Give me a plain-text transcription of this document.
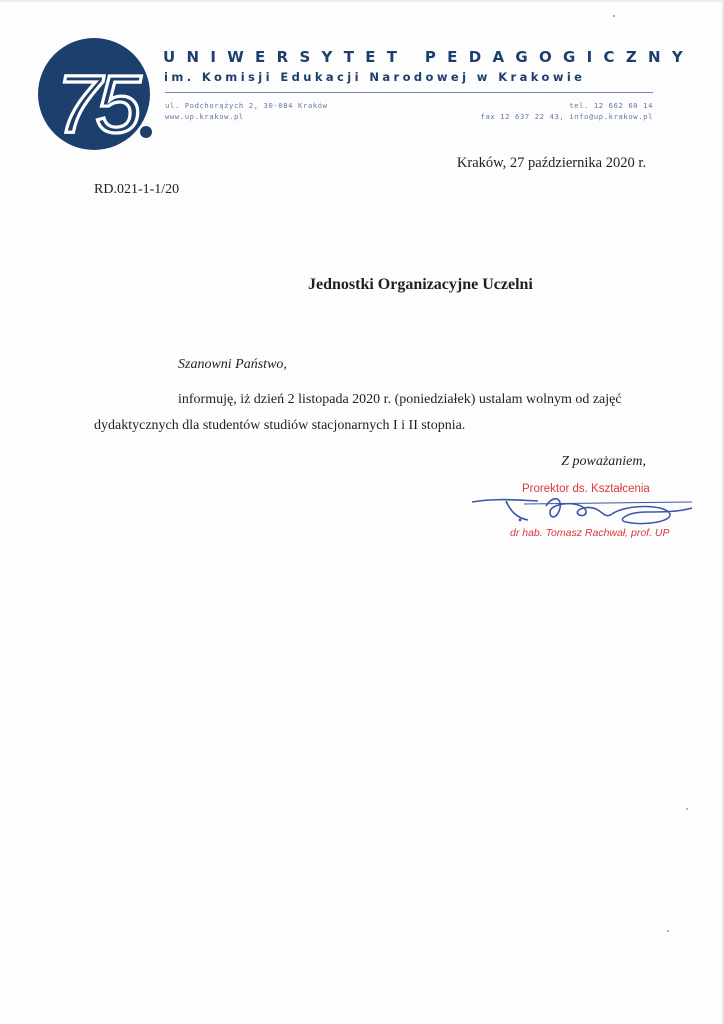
75
UNIWERSYTET PEDAGOGICZNY
im. Komisji Edukacji Narodowej w Krakowie
ul. Podchorążych 2, 30-084 Kraków
www.up.krakow.pl
tel. 12 662 60 14
fax 12 637 22 43, info@up.krakow.pl
Kraków, 27 października 2020 r.
RD.021-1-1/20
Jednostki Organizacyjne Uczelni
Szanowni Państwo,
informuję, iż dzień 2 listopada 2020 r. (poniedziałek) ustalam wolnym od zajęć
dydaktycznych dla studentów studiów stacjonarnych I i II stopnia.
Z poważaniem,
Prorektor ds. Kształcenia
dr hab. Tomasz Rachwał, prof. UP
